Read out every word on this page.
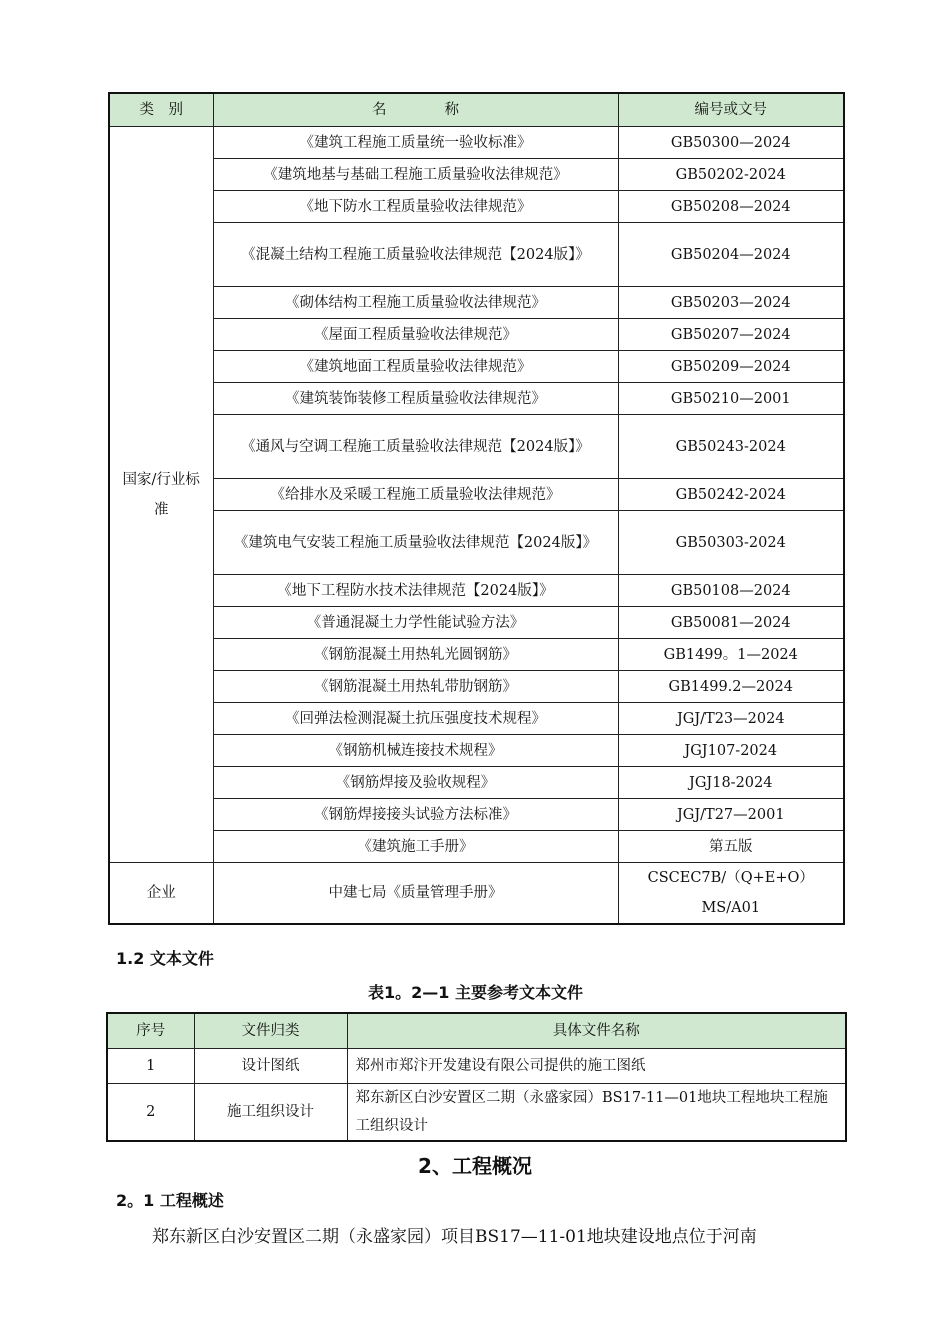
类　别	名　　　　称	编号或文号
国家/行业标准	《建筑工程施工质量统一验收标准》	GB50300—2024
	《建筑地基与基础工程施工质量验收法律规范》	GB50202-2024
	《地下防水工程质量验收法律规范》	GB50208—2024
	《混凝土结构工程施工质量验收法律规范【2024版】》	GB50204—2024
	《砌体结构工程施工质量验收法律规范》	GB50203—2024
	《屋面工程质量验收法律规范》	GB50207—2024
	《建筑地面工程质量验收法律规范》	GB50209—2024
	《建筑装饰装修工程质量验收法律规范》	GB50210—2001
	《通风与空调工程施工质量验收法律规范【2024版】》	GB50243-2024
	《给排水及采暖工程施工质量验收法律规范》	GB50242-2024
	《建筑电气安装工程施工质量验收法律规范【2024版】》	GB50303-2024
	《地下工程防水技术法律规范【2024版】》	GB50108—2024
	《普通混凝土力学性能试验方法》	GB50081—2024
	《钢筋混凝土用热轧光圆钢筋》	GB1499。1—2024
	《钢筋混凝土用热轧带肋钢筋》	GB1499.2—2024
	《回弹法检测混凝土抗压强度技术规程》	JGJ/T23—2024
	《钢筋机械连接技术规程》	JGJ107-2024
	《钢筋焊接及验收规程》	JGJ18-2024
	《钢筋焊接接头试验方法标准》	JGJ/T27—2001
	《建筑施工手册》	第五版
企业	中建七局《质量管理手册》	CSCEC7B/（Q+E+O）MS/A01
1.2 文本文件
表1。2—1 主要参考文本文件
序号	文件归类	具体文件名称
1	设计图纸	郑州市郑汴开发建设有限公司提供的施工图纸
2	施工组织设计	郑东新区白沙安置区二期（永盛家园）BS17-11—01地块工程地块工程施工组织设计
2、工程概况
2。1 工程概述
郑东新区白沙安置区二期（永盛家园）项目BS17—11-01地块建设地点位于河南
